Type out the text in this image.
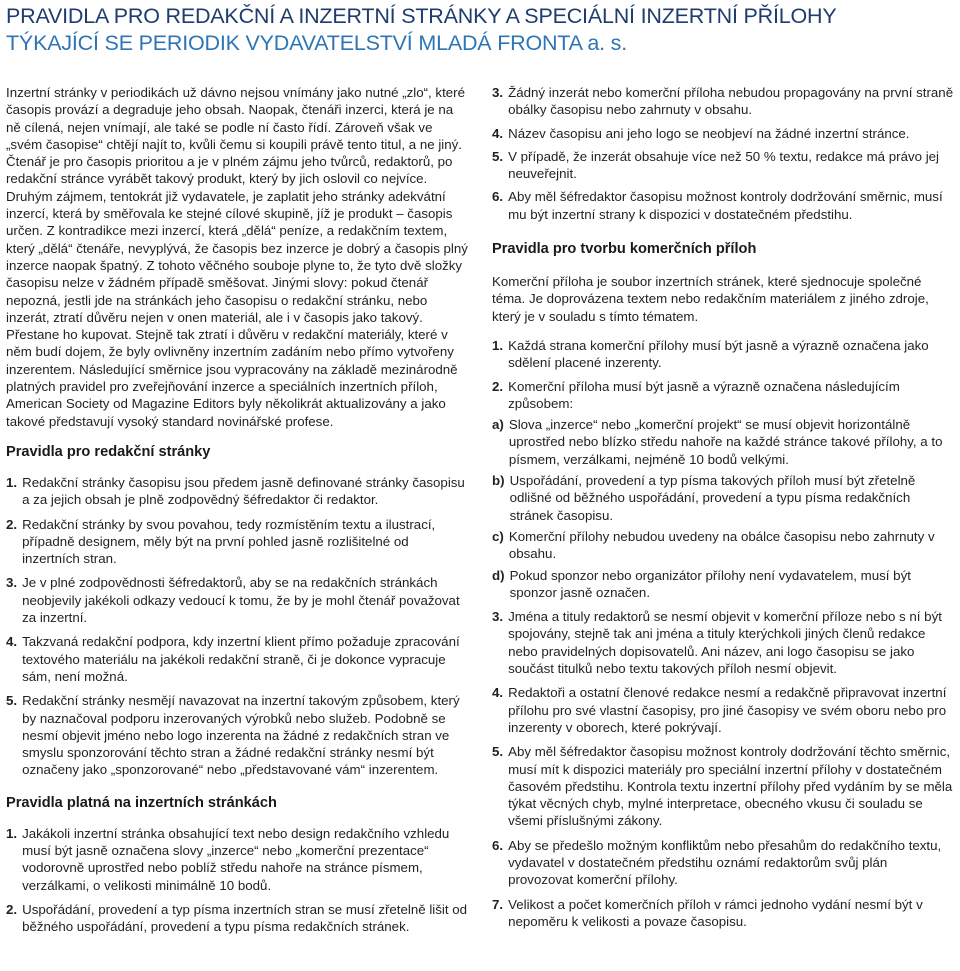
PRAVIDLA PRO REDAKČNÍ A INZERTNÍ STRÁNKY A SPECIÁLNÍ INZERTNÍ PŘÍLOHY
TÝKAJÍCÍ SE PERIODIK VYDAVATELSTVÍ MLADÁ FRONTA a. s.

Inzertní stránky v periodikách už dávno nejsou vnímány jako nutné „zlo“, které časopis provází a degraduje jeho obsah. Naopak, čtenáři inzerci, která je na ně cílená, nejen vnímají, ale také se podle ní často řídí. Zároveň však ve „svém časopise“ chtějí najít to, kvůli čemu si koupili právě tento titul, a ne jiný. Čtenář je pro časopis prioritou a je v plném zájmu jeho tvůrců, redaktorů, po redakční stránce vyrábět takový produkt, který by jich oslovil co nejvíce. Druhým zájmem, tentokrát již vydavatele, je zaplatit jeho stránky adekvátní inzercí, která by směřovala ke stejné cílové skupině, jíž je produkt – časopis určen. Z kontradikce mezi inzercí, která „dělá“ peníze, a redakčním textem, který „dělá“ čtenáře, nevyplývá, že časopis bez inzerce je dobrý a časopis plný inzerce naopak špatný. Z tohoto věčného souboje plyne to, že tyto dvě složky časopisu nelze v žádném případě směšovat. Jinými slovy: pokud čtenář nepozná, jestli jde na stránkách jeho časopisu o redakční stránku, nebo inzerát, ztratí důvěru nejen v onen materiál, ale i v časopis jako takový. Přestane ho kupovat. Stejně tak ztratí i důvěru v redakční materiály, které v něm budí dojem, že byly ovlivněny inzertním zadáním nebo přímo vytvořeny inzerentem. Následující směrnice jsou vypracovány na základě mezinárodně platných pravidel pro zveřejňování inzerce a speciálních inzertních příloh, American Society od Magazine Editors byly několikrát aktualizovány a jako takové představují vysoký standard novinářské profese.

Pravidla pro redakční stránky
1. Redakční stránky časopisu jsou předem jasně definované stránky časopisu a za jejich obsah je plně zodpovědný šéfredaktor či redaktor.
2. Redakční stránky by svou povahou, tedy rozmístěním textu a ilustrací, případně designem, měly být na první pohled jasně rozlišitelné od inzertních stran.
3. Je v plné zodpovědnosti šéfredaktorů, aby se na redakčních stránkách neobjevily jakékoli odkazy vedoucí k tomu, že by je mohl čtenář považovat za inzertní.
4. Takzvaná redakční podpora, kdy inzertní klient přímo požaduje zpracování textového materiálu na jakékoli redakční straně, či je dokonce vypracuje sám, není možná.
5. Redakční stránky nesmějí navazovat na inzertní takovým způsobem, který by naznačoval podporu inzerovaných výrobků nebo služeb. Podobně se nesmí objevit jméno nebo logo inzerenta na žádné z redakčních stran ve smyslu sponzorování těchto stran a žádné redakční stránky nesmí být označeny jako „sponzorované“ nebo „představované vám“ inzerentem.
Pravidla platná na inzertních stránkách
1. Jakákoli inzertní stránka obsahující text nebo design redakčního vzhledu musí být jasně označena slovy „inzerce“ nebo „komerční prezentace“ vodorovně uprostřed nebo poblíž středu nahoře na stránce písmem, verzálkami, o velikosti minimálně 10 bodů.
2. Uspořádání, provedení a typ písma inzertních stran se musí zřetelně lišit od běžného uspořádání, provedení a typu písma redakčních stránek.
3. Žádný inzerát nebo komerční příloha nebudou propagovány na první straně obálky časopisu nebo zahrnuty v obsahu.
4. Název časopisu ani jeho logo se neobjeví na žádné inzertní stránce.
5. V případě, že inzerát obsahuje více než 50 % textu, redakce má právo jej neuveřejnit.
6. Aby měl šéfredaktor časopisu možnost kontroly dodržování směrnic, musí mu být inzertní strany k dispozici v dostatečném předstihu.
Pravidla pro tvorbu komerčních příloh

Komerční příloha je soubor inzertních stránek, které sjednocuje společné téma. Je doprovázena textem nebo redakčním materiálem z jiného zdroje, který je v souladu s tímto tématem.

1. Každá strana komerční přílohy musí být jasně a výrazně označena jako sdělení placené inzerenty.
2. Komerční příloha musí být jasně a výrazně označena následujícím způsobem:
a) Slova „inzerce“ nebo „komerční projekt“ se musí objevit horizontálně uprostřed nebo blízko středu nahoře na každé stránce takové přílohy, a to písmem, verzálkami, nejméně 10 bodů velkými.
b) Uspořádání, provedení a typ písma takových příloh musí být zřetelně odlišné od běžného uspořádání, provedení a typu písma redakčních stránek časopisu.
c) Komerční přílohy nebudou uvedeny na obálce časopisu nebo zahrnuty v obsahu.
d) Pokud sponzor nebo organizátor přílohy není vydavatelem, musí být sponzor jasně označen.
3. Jména a tituly redaktorů se nesmí objevit v komerční příloze nebo s ní být spojovány, stejně tak ani jména a tituly kterýchkoli jiných členů redakce nebo pravidelných dopisovatelů. Ani název, ani logo časopisu se jako součást titulků nebo textu takových příloh nesmí objevit.
4. Redaktoři a ostatní členové redakce nesmí a redakčně připravovat inzertní přílohu pro své vlastní časopisy, pro jiné časopisy ve svém oboru nebo pro inzerenty v oborech, které pokrývají.
5. Aby měl šéfredaktor časopisu možnost kontroly dodržování těchto směrnic, musí mít k dispozici materiály pro speciální inzertní přílohy v dostatečném časovém předstihu. Kontrola textu inzertní přílohy před vydáním by se měla týkat věcných chyb, mylné interpretace, obecného vkusu či souladu se všemi příslušnými zákony.
6. Aby se předešlo možným konfliktům nebo přesahům do redakčního textu, vydavatel v dostatečném předstihu oznámí redaktorům svůj plán provozovat komerční přílohy.
7. Velikost a počet komerčních příloh v rámci jednoho vydání nesmí být v nepoměru k velikosti a povaze časopisu.
